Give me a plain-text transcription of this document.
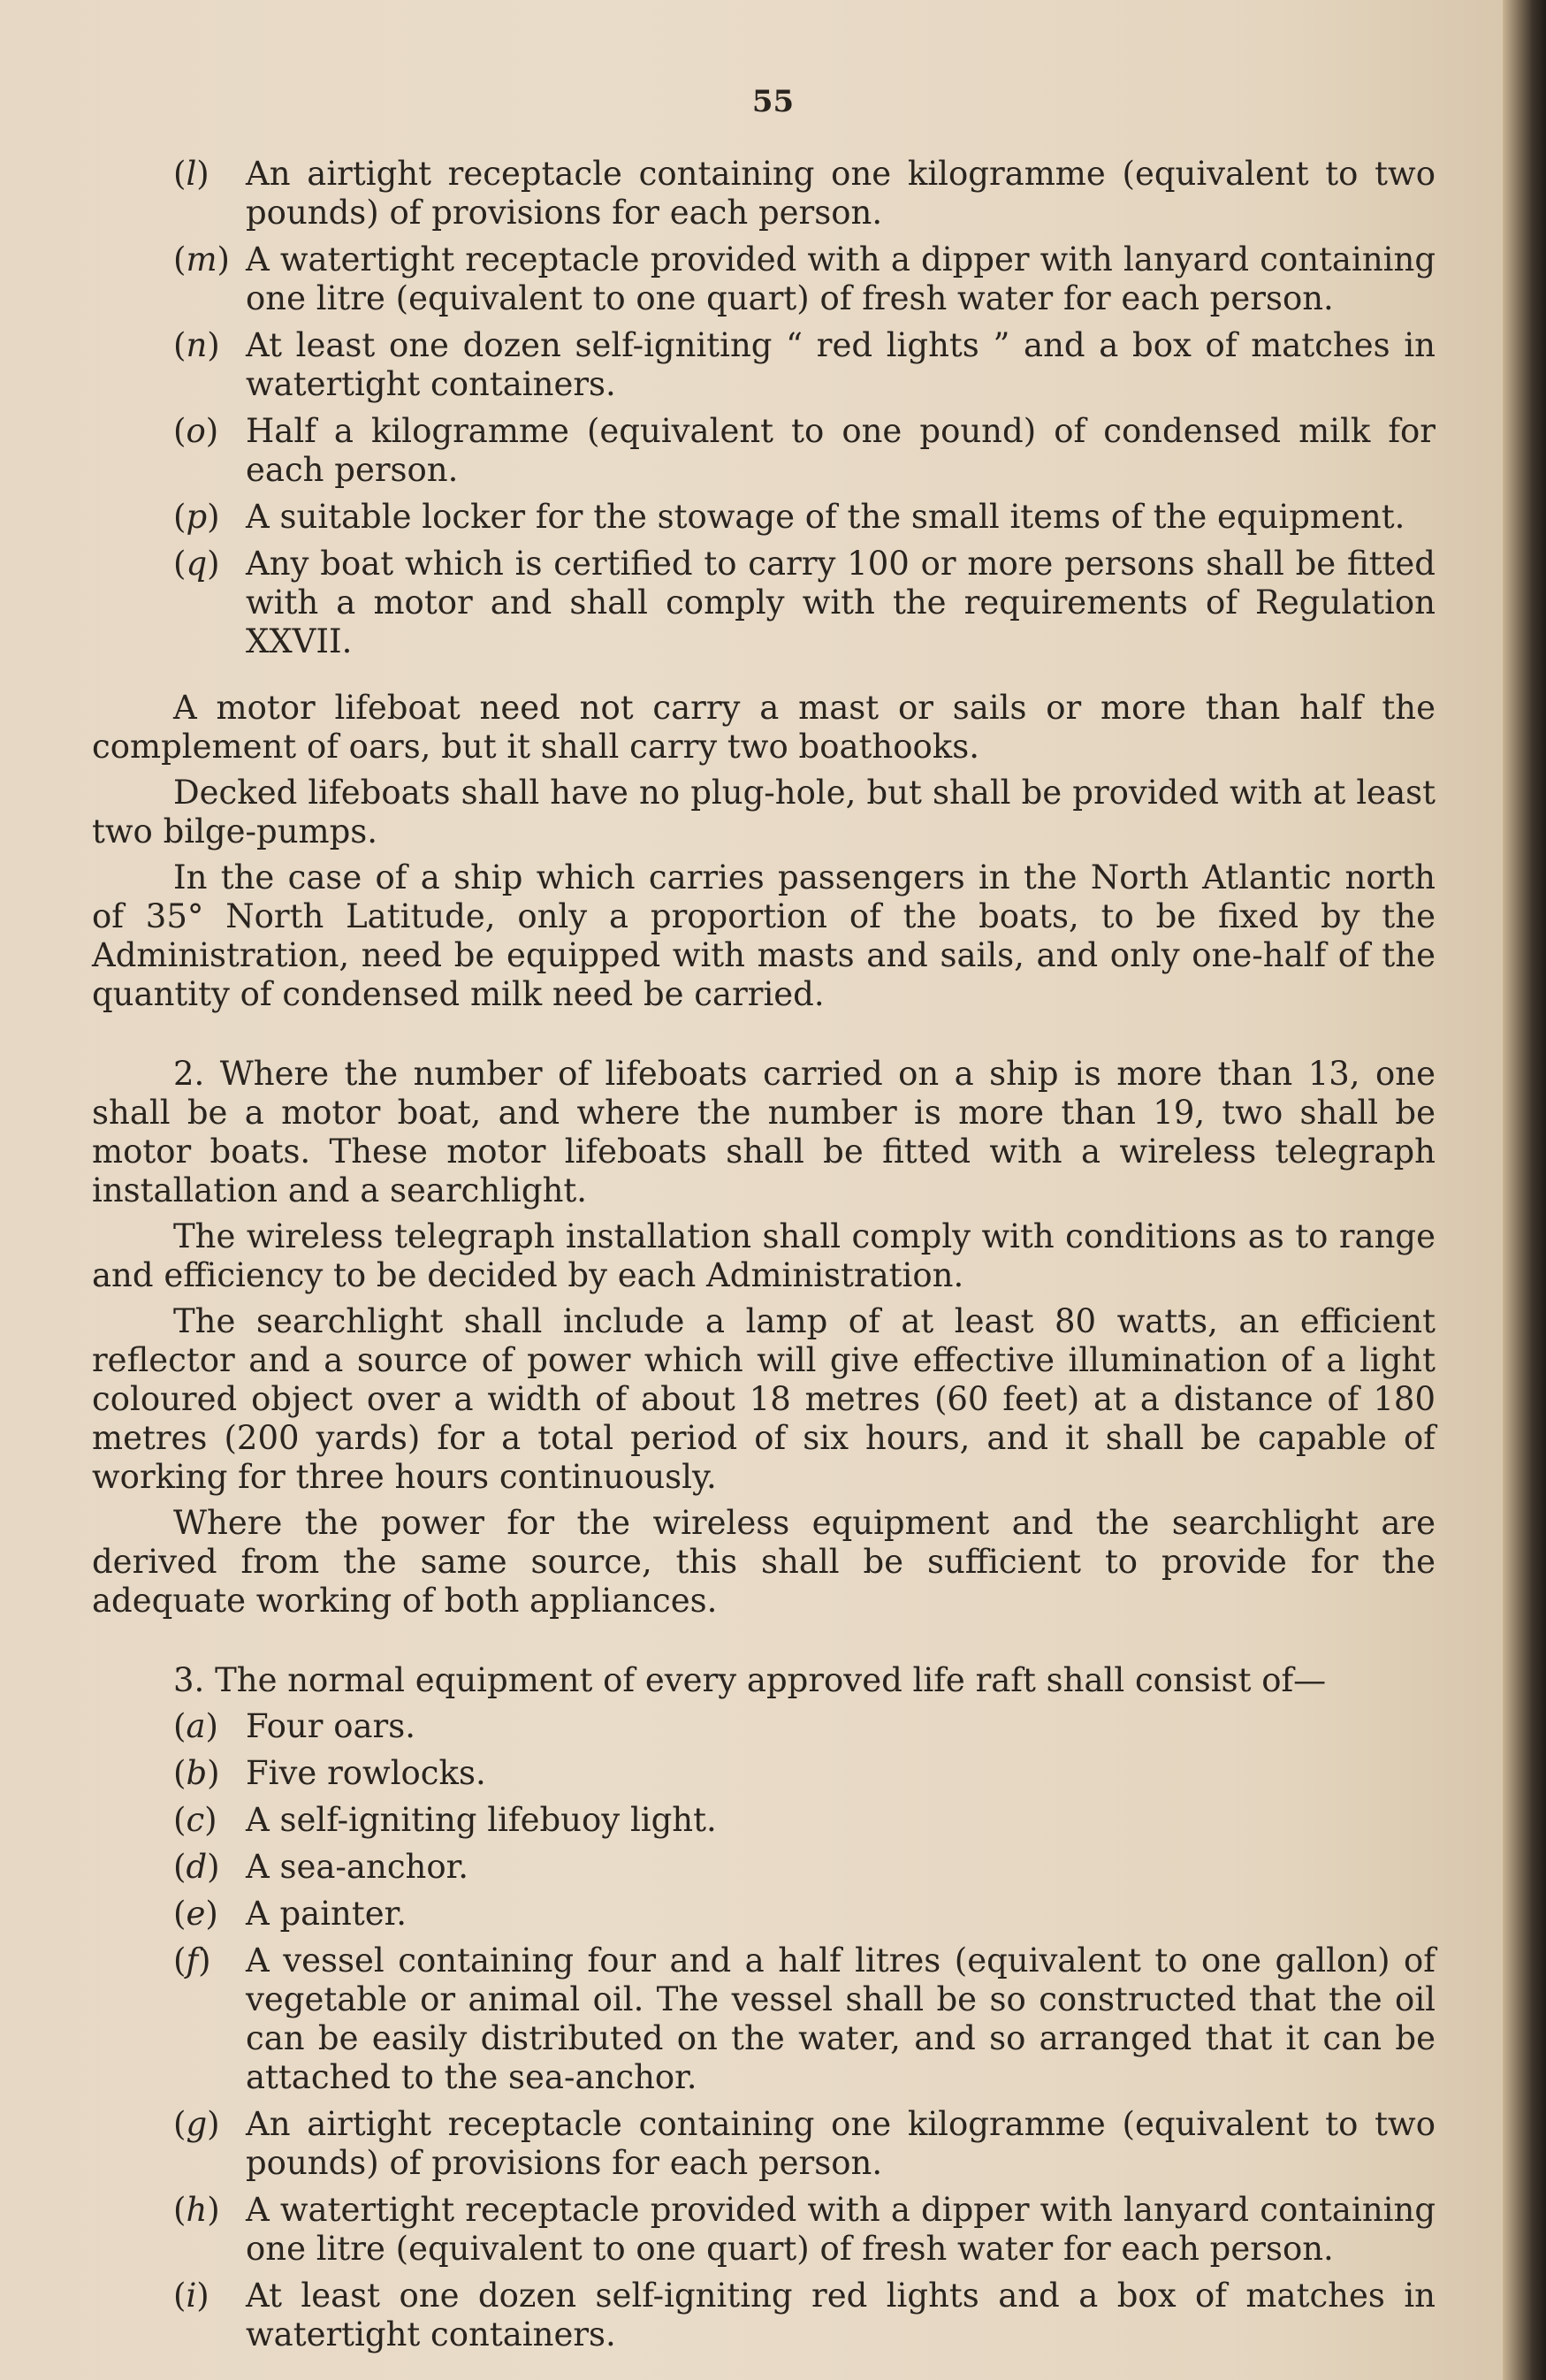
55
(l)	An airtight receptacle containing one kilogramme (equivalent to two pounds) of provisions for each person.
(m) A watertight receptacle provided with a dipper with lanyard containing one litre (equivalent to one quart) of fresh water for each person.
(n) At least one dozen self-igniting “ red lights ” and a box of matches in watertight containers.
(o) Half a kilogramme (equivalent to one pound) of condensed milk for each person.
(p) A suitable locker for the stowage of the small items of the equipment.
(q) Any boat which is certified to carry 100 or more persons shall be fitted with a motor and shall comply with the requirements of Regulation XXVII.

A motor lifeboat need not carry a mast or sails or more than half the complement of oars, but it shall carry two boathooks.

Decked lifeboats shall have no plug-hole, but shall be provided with at least two bilge-pumps.

In the case of a ship which carries passengers in the North Atlantic north of 35° North Latitude, only a proportion of the boats, to be fixed by the Administration, need be equipped with masts and sails, and only one-half of the quantity of condensed milk need be carried.

2. Where the number of lifeboats carried on a ship is more than 13, one shall be a motor boat, and where the number is more than 19, two shall be motor boats. These motor lifeboats shall be fitted with a wireless telegraph installation and a searchlight.

The wireless telegraph installation shall comply with conditions as to range and efficiency to be decided by each Administration.

The searchlight shall include a lamp of at least 80 watts, an efficient reflector and a source of power which will give effective illumination of a light coloured object over a width of about 18 metres (60 feet) at a distance of 180 metres (200 yards) for a total period of six hours, and it shall be capable of working for three hours continuously.

Where the power for the wireless equipment and the searchlight are derived from the same source, this shall be sufficient to provide for the adequate working of both appliances.

3. The normal equipment of every approved life raft shall consist of—

(a) Four oars.
(b) Five rowlocks.
(c) A self-igniting lifebuoy light.
(d) A sea-anchor.
(e) A painter.
(f)	A vessel containing four and a half litres (equivalent to one gallon) of vegetable or animal oil. The vessel shall be so constructed that the oil can be easily distributed on the water, and so arranged that it can be attached to the sea-anchor.
(g) An airtight receptacle containing one kilogramme (equivalent to two pounds) of provisions for each person.
(h) A watertight receptacle provided with a dipper with lanyard containing one litre (equivalent to one quart) of fresh water for each person.
(i)	At least one dozen self-igniting red lights and a box of matches in watertight containers.
